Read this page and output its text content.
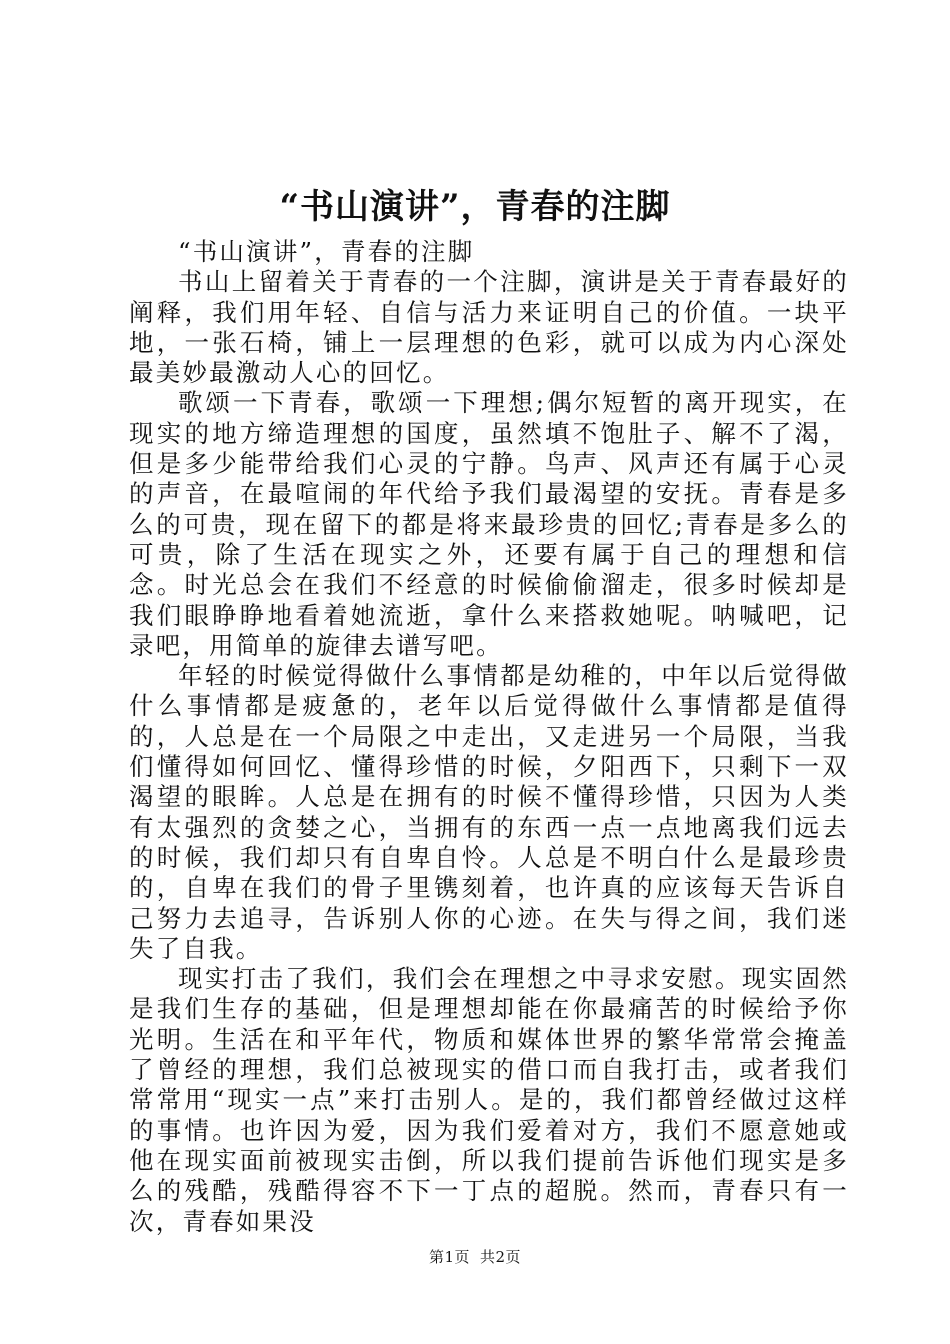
“书山演讲”，青春的注脚

“书山演讲”，青春的注脚

书山上留着关于青春的一个注脚，演讲是关于青春最好的阐释，我们用年轻、自信与活力来证明自己的价值。一块平地，一张石椅，铺上一层理想的色彩，就可以成为内心深处最美妙最激动人心的回忆。

歌颂一下青春，歌颂一下理想;偶尔短暂的离开现实，在现实的地方缔造理想的国度，虽然填不饱肚子、解不了渴，但是多少能带给我们心灵的宁静。鸟声、风声还有属于心灵的声音，在最喧闹的年代给予我们最渴望的安抚。青春是多么的可贵，现在留下的都是将来最珍贵的回忆;青春是多么的可贵，除了生活在现实之外，还要有属于自己的理想和信念。时光总会在我们不经意的时候偷偷溜走，很多时候却是我们眼睁睁地看着她流逝，拿什么来搭救她呢。呐喊吧，记录吧，用简单的旋律去谱写吧。

年轻的时候觉得做什么事情都是幼稚的，中年以后觉得做什么事情都是疲惫的，老年以后觉得做什么事情都是值得的，人总是在一个局限之中走出，又走进另一个局限，当我们懂得如何回忆、懂得珍惜的时候，夕阳西下，只剩下一双渴望的眼眸。人总是在拥有的时候不懂得珍惜，只因为人类有太强烈的贪婪之心，当拥有的东西一点一点地离我们远去的时候，我们却只有自卑自怜。人总是不明白什么是最珍贵的，自卑在我们的骨子里镌刻着，也许真的应该每天告诉自己努力去追寻，告诉别人你的心迹。在失与得之间，我们迷失了自我。

现实打击了我们，我们会在理想之中寻求安慰。现实固然是我们生存的基础，但是理想却能在你最痛苦的时候给予你光明。生活在和平年代，物质和媒体世界的繁华常常会掩盖了曾经的理想，我们总被现实的借口而自我打击，或者我们常常用“现实一点”来打击别人。是的，我们都曾经做过这样的事情。也许因为爱，因为我们爱着对方，我们不愿意她或他在现实面前被现实击倒，所以我们提前告诉他们现实是多么的残酷，残酷得容不下一丁点的超脱。然而，青春只有一次，青春如果没

第1页 共2页
